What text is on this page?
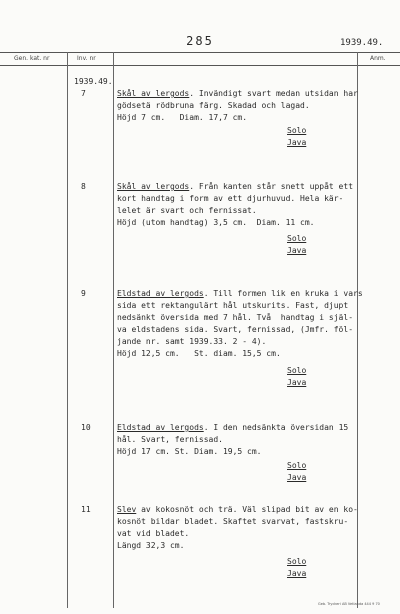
285	1939.49.
Gen. kat. nr	Inv. nr	Anm.
1939.49.
7	Skål av lergods. Invändigt svart medan utsidan har
gödsetä rödbruna färg. Skadad och lagad.
Höjd 7 cm.   Diam. 17,7 cm.
Solo
Java
8	Skål av lergods. Från kanten står snett uppåt ett
kort handtag i form av ett djurhuvud. Hela kär-
lelet är svart och fernissat.
Höjd (utom handtag) 3,5 cm.  Diam. 11 cm.
Solo
Java
9	Eldstad av lergods. Till formen lik en kruka i vars
sida ett rektangulärt hål utskurits. Fast, djupt
nedsänkt översida med 7 hål. Två  handtag i själ-
va eldstadens sida. Svart, fernissad, (Jmfr. föl-
jande nr. samt 1939.33. 2 - 4).
Höjd 12,5 cm.   St. diam. 15,5 cm.
Solo
Java
10	Eldstad av lergods. I den nedsänkta översidan 15
hål. Svart, fernissad.
Höjd 17 cm. St. Diam. 19,5 cm.
Solo
Java
11	Slev av kokosnöt och trä. Väl slipad bit av en ko-
kosnöt bildar bladet. Skaftet svarvat, fastskru-
vat vid bladet.
Längd 32,3 cm.
Solo
Java
Geb. Tryckeri AB Vetlanda 444 9 70
